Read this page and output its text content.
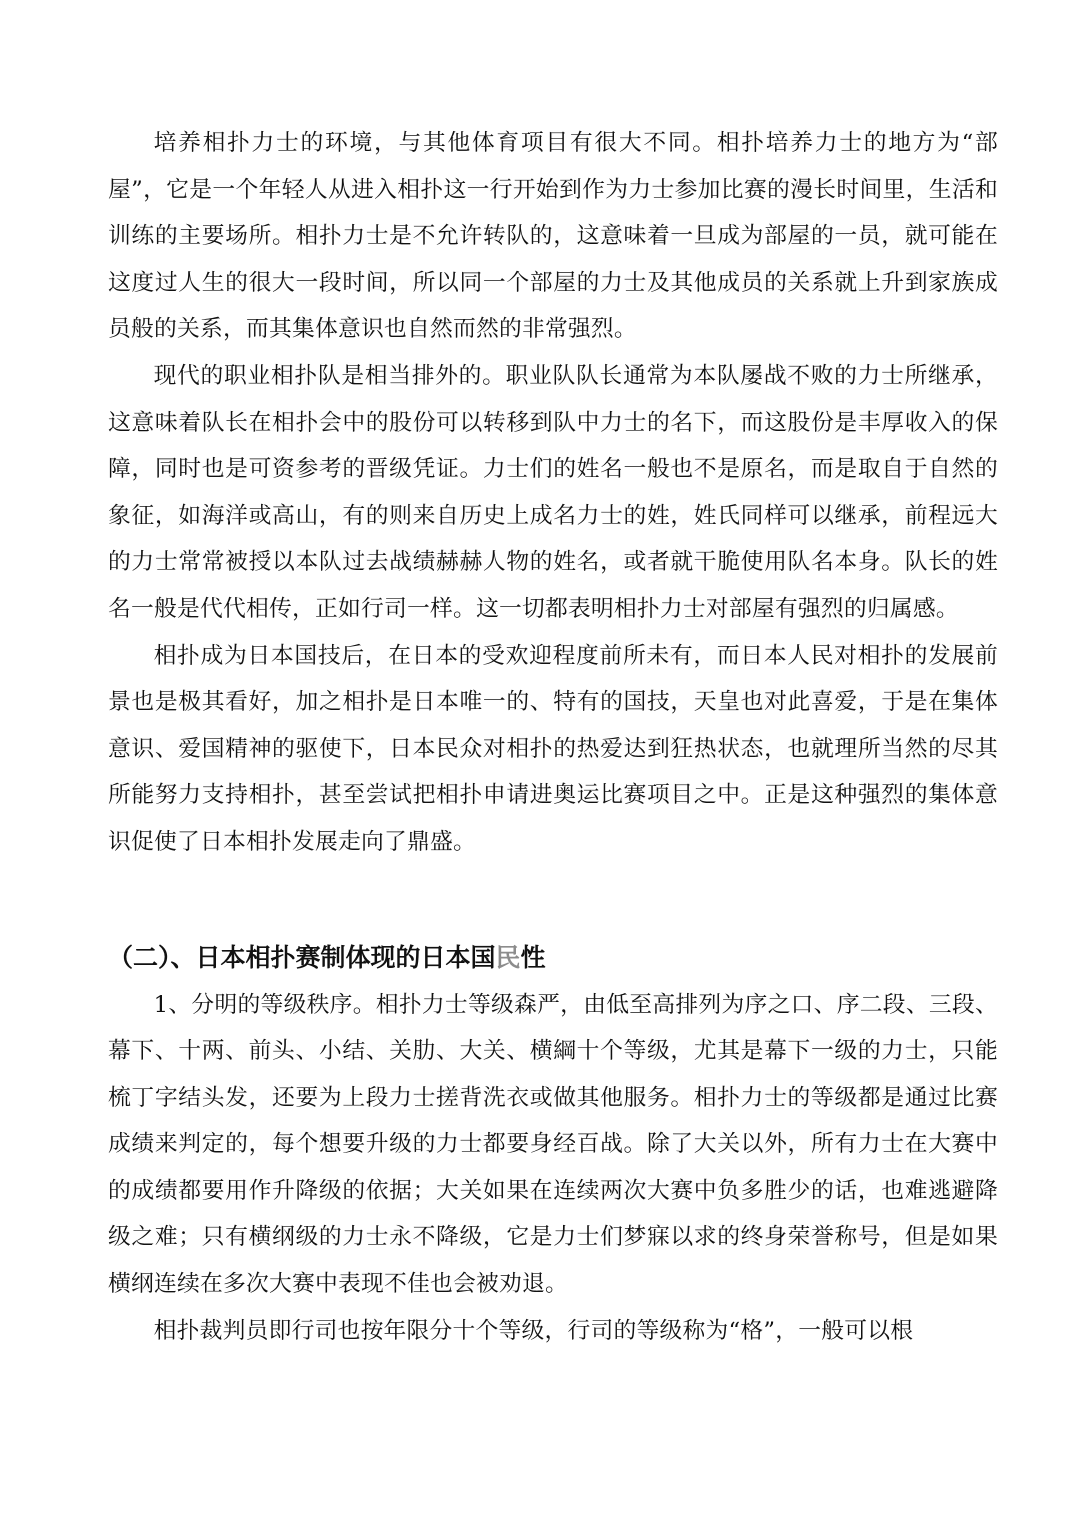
培养相扑力士的环境，与其他体育项目有很大不同。相扑培养力士的地方为“部屋”，它是一个年轻人从进入相扑这一行开始到作为力士参加比赛的漫长时间里，生活和训练的主要场所。相扑力士是不允许转队的，这意味着一旦成为部屋的一员，就可能在这度过人生的很大一段时间，所以同一个部屋的力士及其他成员的关系就上升到家族成员般的关系，而其集体意识也自然而然的非常强烈。

现代的职业相扑队是相当排外的。职业队队长通常为本队屡战不败的力士所继承，这意味着队长在相扑会中的股份可以转移到队中力士的名下，而这股份是丰厚收入的保障，同时也是可资参考的晋级凭证。力士们的姓名一般也不是原名，而是取自于自然的象征，如海洋或高山，有的则来自历史上成名力士的姓，姓氏同样可以继承，前程远大的力士常常被授以本队过去战绩赫赫人物的姓名，或者就干脆使用队名本身。队长的姓名一般是代代相传，正如行司一样。这一切都表明相扑力士对部屋有强烈的归属感。

相扑成为日本国技后，在日本的受欢迎程度前所未有，而日本人民对相扑的发展前景也是极其看好，加之相扑是日本唯一的、特有的国技，天皇也对此喜爱，于是在集体意识、爱国精神的驱使下，日本民众对相扑的热爱达到狂热状态，也就理所当然的尽其所能努力支持相扑，甚至尝试把相扑申请进奥运比赛项目之中。正是这种强烈的集体意识促使了日本相扑发展走向了鼎盛。

（二）、日本相扑赛制体现的日本国民性

1、分明的等级秩序。相扑力士等级森严，由低至高排列为序之口、序二段、三段、幕下、十两、前头、小结、关肋、大关、横綱十个等级，尤其是幕下一级的力士，只能梳丁字结头发，还要为上段力士搓背洗衣或做其他服务。相扑力士的等级都是通过比赛成绩来判定的，每个想要升级的力士都要身经百战。除了大关以外，所有力士在大赛中的成绩都要用作升降级的依据；大关如果在连续两次大赛中负多胜少的话，也难逃避降级之难；只有横纲级的力士永不降级，它是力士们梦寐以求的终身荣誉称号，但是如果横纲连续在多次大赛中表现不佳也会被劝退。

相扑裁判员即行司也按年限分十个等级，行司的等级称为“格”，一般可以根
